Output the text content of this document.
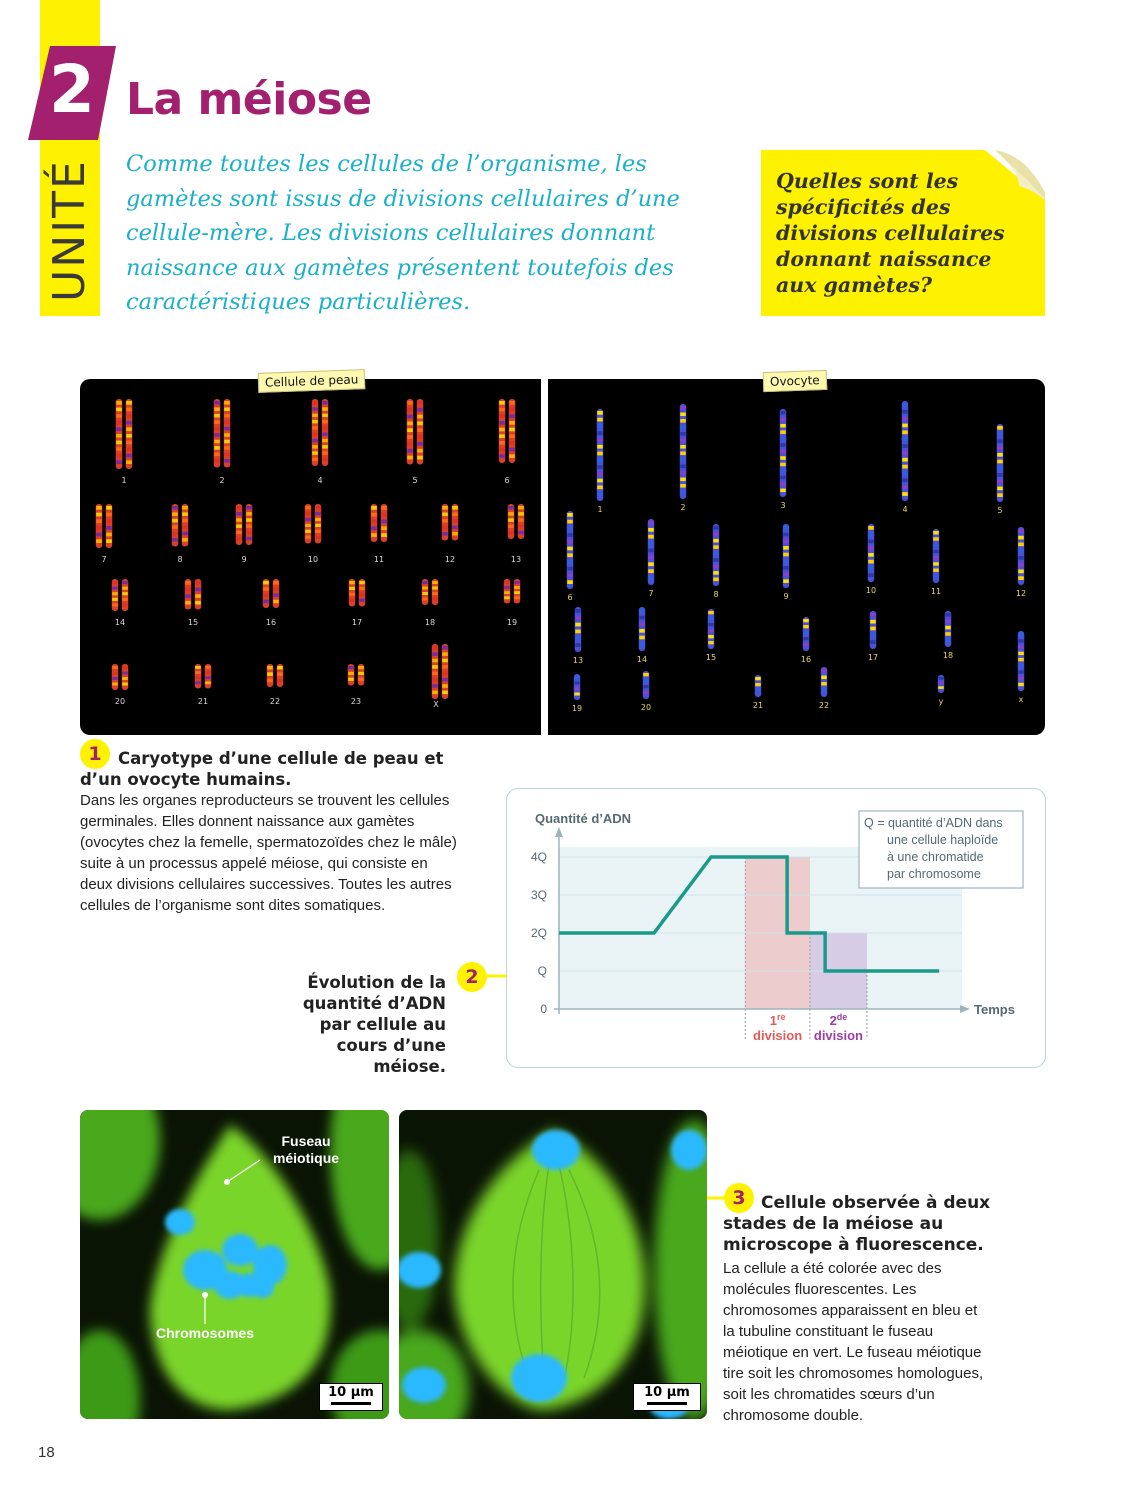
UNITÉ
2 La méiose
Comme toutes les cellules de l’organisme, les gamètes sont issus de divisions cellulaires d’une cellule-mère. Les divisions cellulaires donnant naissance aux gamètes présentent toutefois des caractéristiques particulières.
Quelles sont les spécificités des divisions cellulaires donnant naissance aux gamètes?
1	2	4	5	6
7	8	9	10	11	12	13
14	15	16	17	18	19
20	21	22	23	X
1	2	3	4	5
6	7	8	9
10	11	12
13	14	15	16	17	18
19	20	21	22	y	x
Cellule de peau	Ovocyte
1 Caryotype d’une cellule de peau et d’un ovocyte humains.
Dans les organes reproducteurs se trouvent les cellules germinales. Elles donnent naissance aux gamètes (ovocytes chez la femelle, spermatozoïdes chez le mâle) suite à un processus appelé méiose, qui consiste en deux divisions cellulaires successives. Toutes les autres cellules de l’organisme sont dites somatiques.
Évolution de la quantité d’ADN par cellule au cours d’une méiose.
2
0
Q
2Q
3Q
4Q
Quantité d’ADN
Temps
1re
division
2de
division
Q = quantité d’ADN dans
une cellule haploïde
à une chromatide
par chromosome
Fuseau méiotique
Chromosomes
10 µm	10 µm
3 Cellule observée à deux stades de la méiose au microscope à fluorescence.
La cellule a été colorée avec des molécules fluorescentes. Les chromosomes apparaissent en bleu et la tubuline constituant le fuseau méiotique en vert. Le fuseau méiotique tire soit les chromosomes homologues, soit les chromatides sœurs d’un chromosome double.
18
